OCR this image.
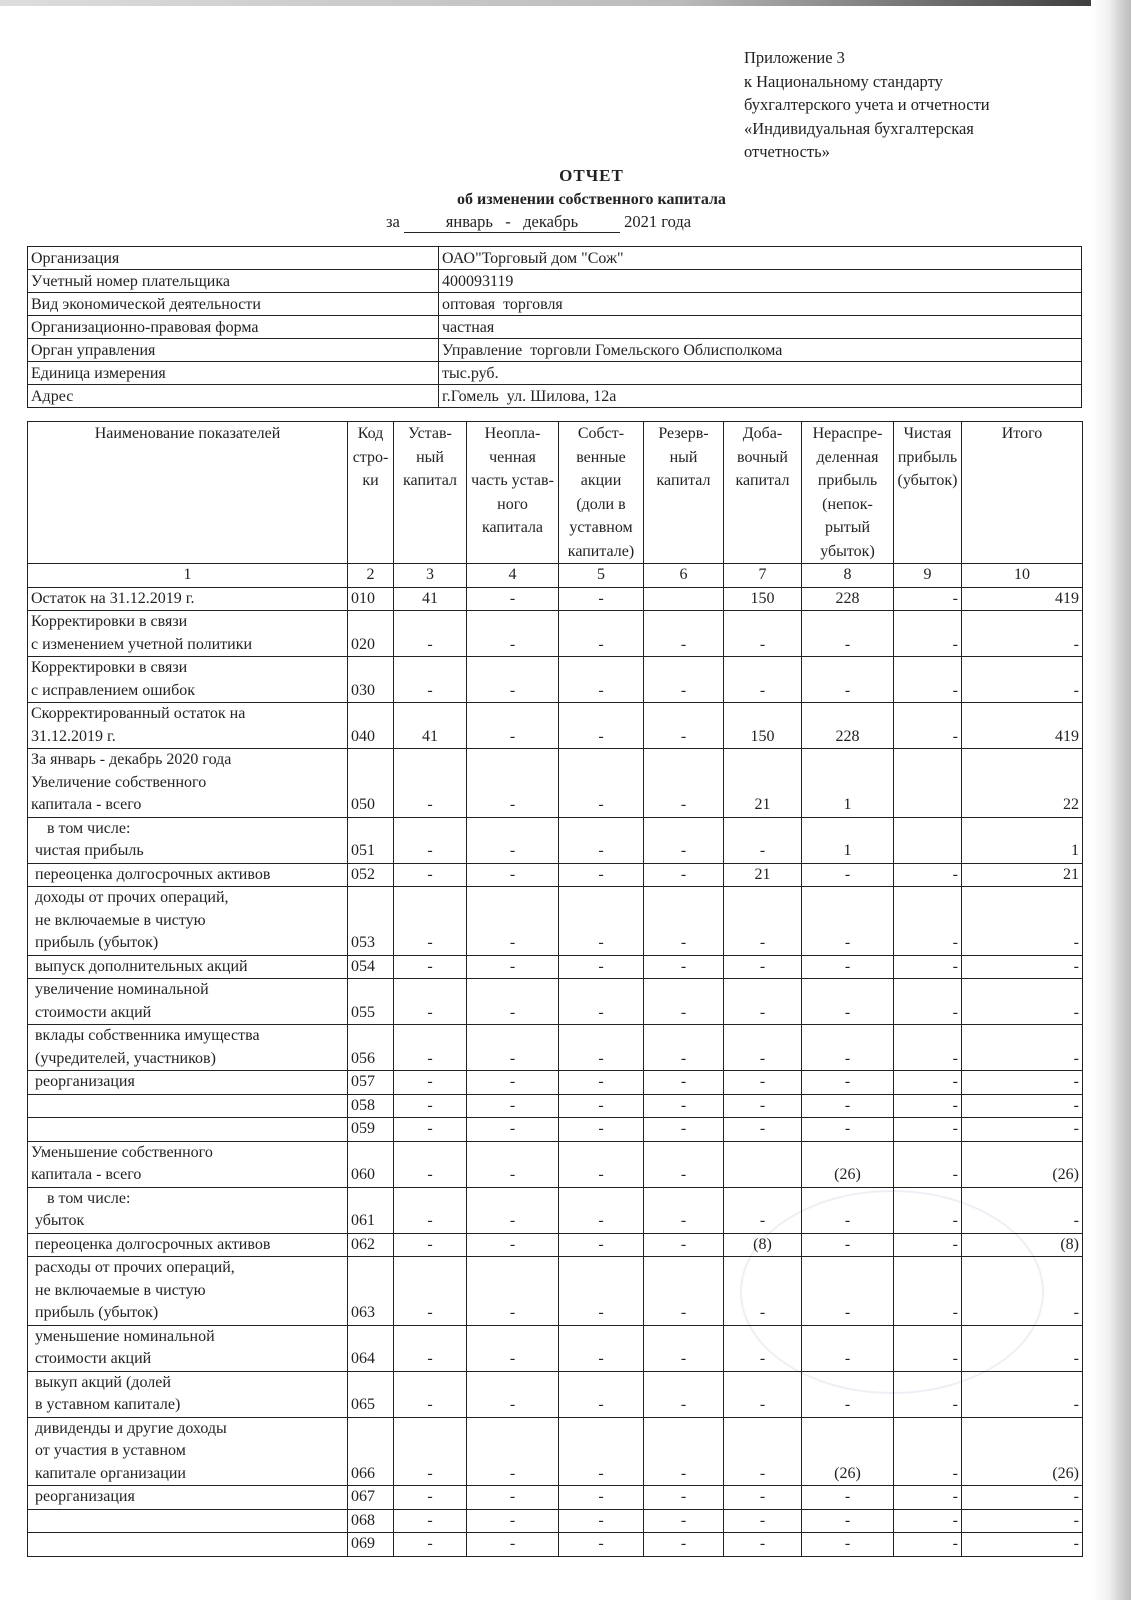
Приложение 3
к Национальному стандарту
бухгалтерского учета и отчетности
«Индивидуальная бухгалтерская
отчетность»
ОТЧЕТ
об изменении собственного капитала
за	январь   -   декабрь	2021 года
Организация	ОАО"Торговый дом "Сож"
Учетный номер плательщика	400093119
Вид экономической деятельности	оптовая  торговля
Организационно-правовая форма	частная
Орган управления	Управление  торговли Гомельского Облисполкома
Единица измерения	тыс.руб.
Адрес	г.Гомель  ул. Шилова, 12а
Наименование показателей	Код стро- ки	Устав- ный капитал	Неопла- ченная часть устав- ного капитала	Собст- венные акции (доли в уставном капитале)	Резерв- ный капитал	Доба- вочный капитал	Нераспре- деленная прибыль (непок- рытый убыток)	Чистая прибыль (убыток)	Итого
1	2	3	4	5	6	7	8	9	10
Остаток на 31.12.2019 г.	010	41	-	-		150	228	-	419
Корректировки в связи
с изменением учетной политики	020	-	-	-	-	-	-	-	-
Корректировки в связи
с исправлением ошибок	030	-	-	-	-	-	-	-	-
Скорректированный остаток на
31.12.2019 г.	040	41	-	-	-	150	228	-	419
За январь - декабрь 2020 года
Увеличение собственного
капитала - всего	050	-	-	-	-	21	1		22
в том числе:
чистая прибыль	051	-	-	-	-	-	1		1
переоценка долгосрочных активов	052	-	-	-	-	21	-	-	21
доходы от прочих операций,
не включаемые в чистую
прибыль (убыток)	053	-	-	-	-	-	-	-	-
выпуск дополнительных акций	054	-	-	-	-	-	-	-	-
увеличение номинальной
стоимости акций	055	-	-	-	-	-	-	-	-
вклады собственника имущества
(учредителей, участников)	056	-	-	-	-	-	-	-	-
реорганизация	057	-	-	-	-	-	-	-	-
	058	-	-	-	-	-	-	-	-
	059	-	-	-	-	-	-	-	-
Уменьшение собственного
капитала - всего	060	-	-	-	-		(26)	-	(26)
в том числе:
убыток	061	-	-	-	-	-	-	-	-
переоценка долгосрочных активов	062	-	-	-	-	(8)	-	-	(8)
расходы от прочих операций,
не включаемые в чистую
прибыль (убыток)	063	-	-	-	-	-	-	-	-
уменьшение номинальной
стоимости акций	064	-	-	-	-	-	-	-	-
выкуп акций (долей
в уставном капитале)	065	-	-	-	-	-	-	-	-
дивиденды и другие доходы
от участия в уставном
капитале организации	066	-	-	-	-	-	(26)	-	(26)
реорганизация	067	-	-	-	-	-	-	-	-
	068	-	-	-	-	-	-	-	-
	069	-	-	-	-	-	-	-	-
